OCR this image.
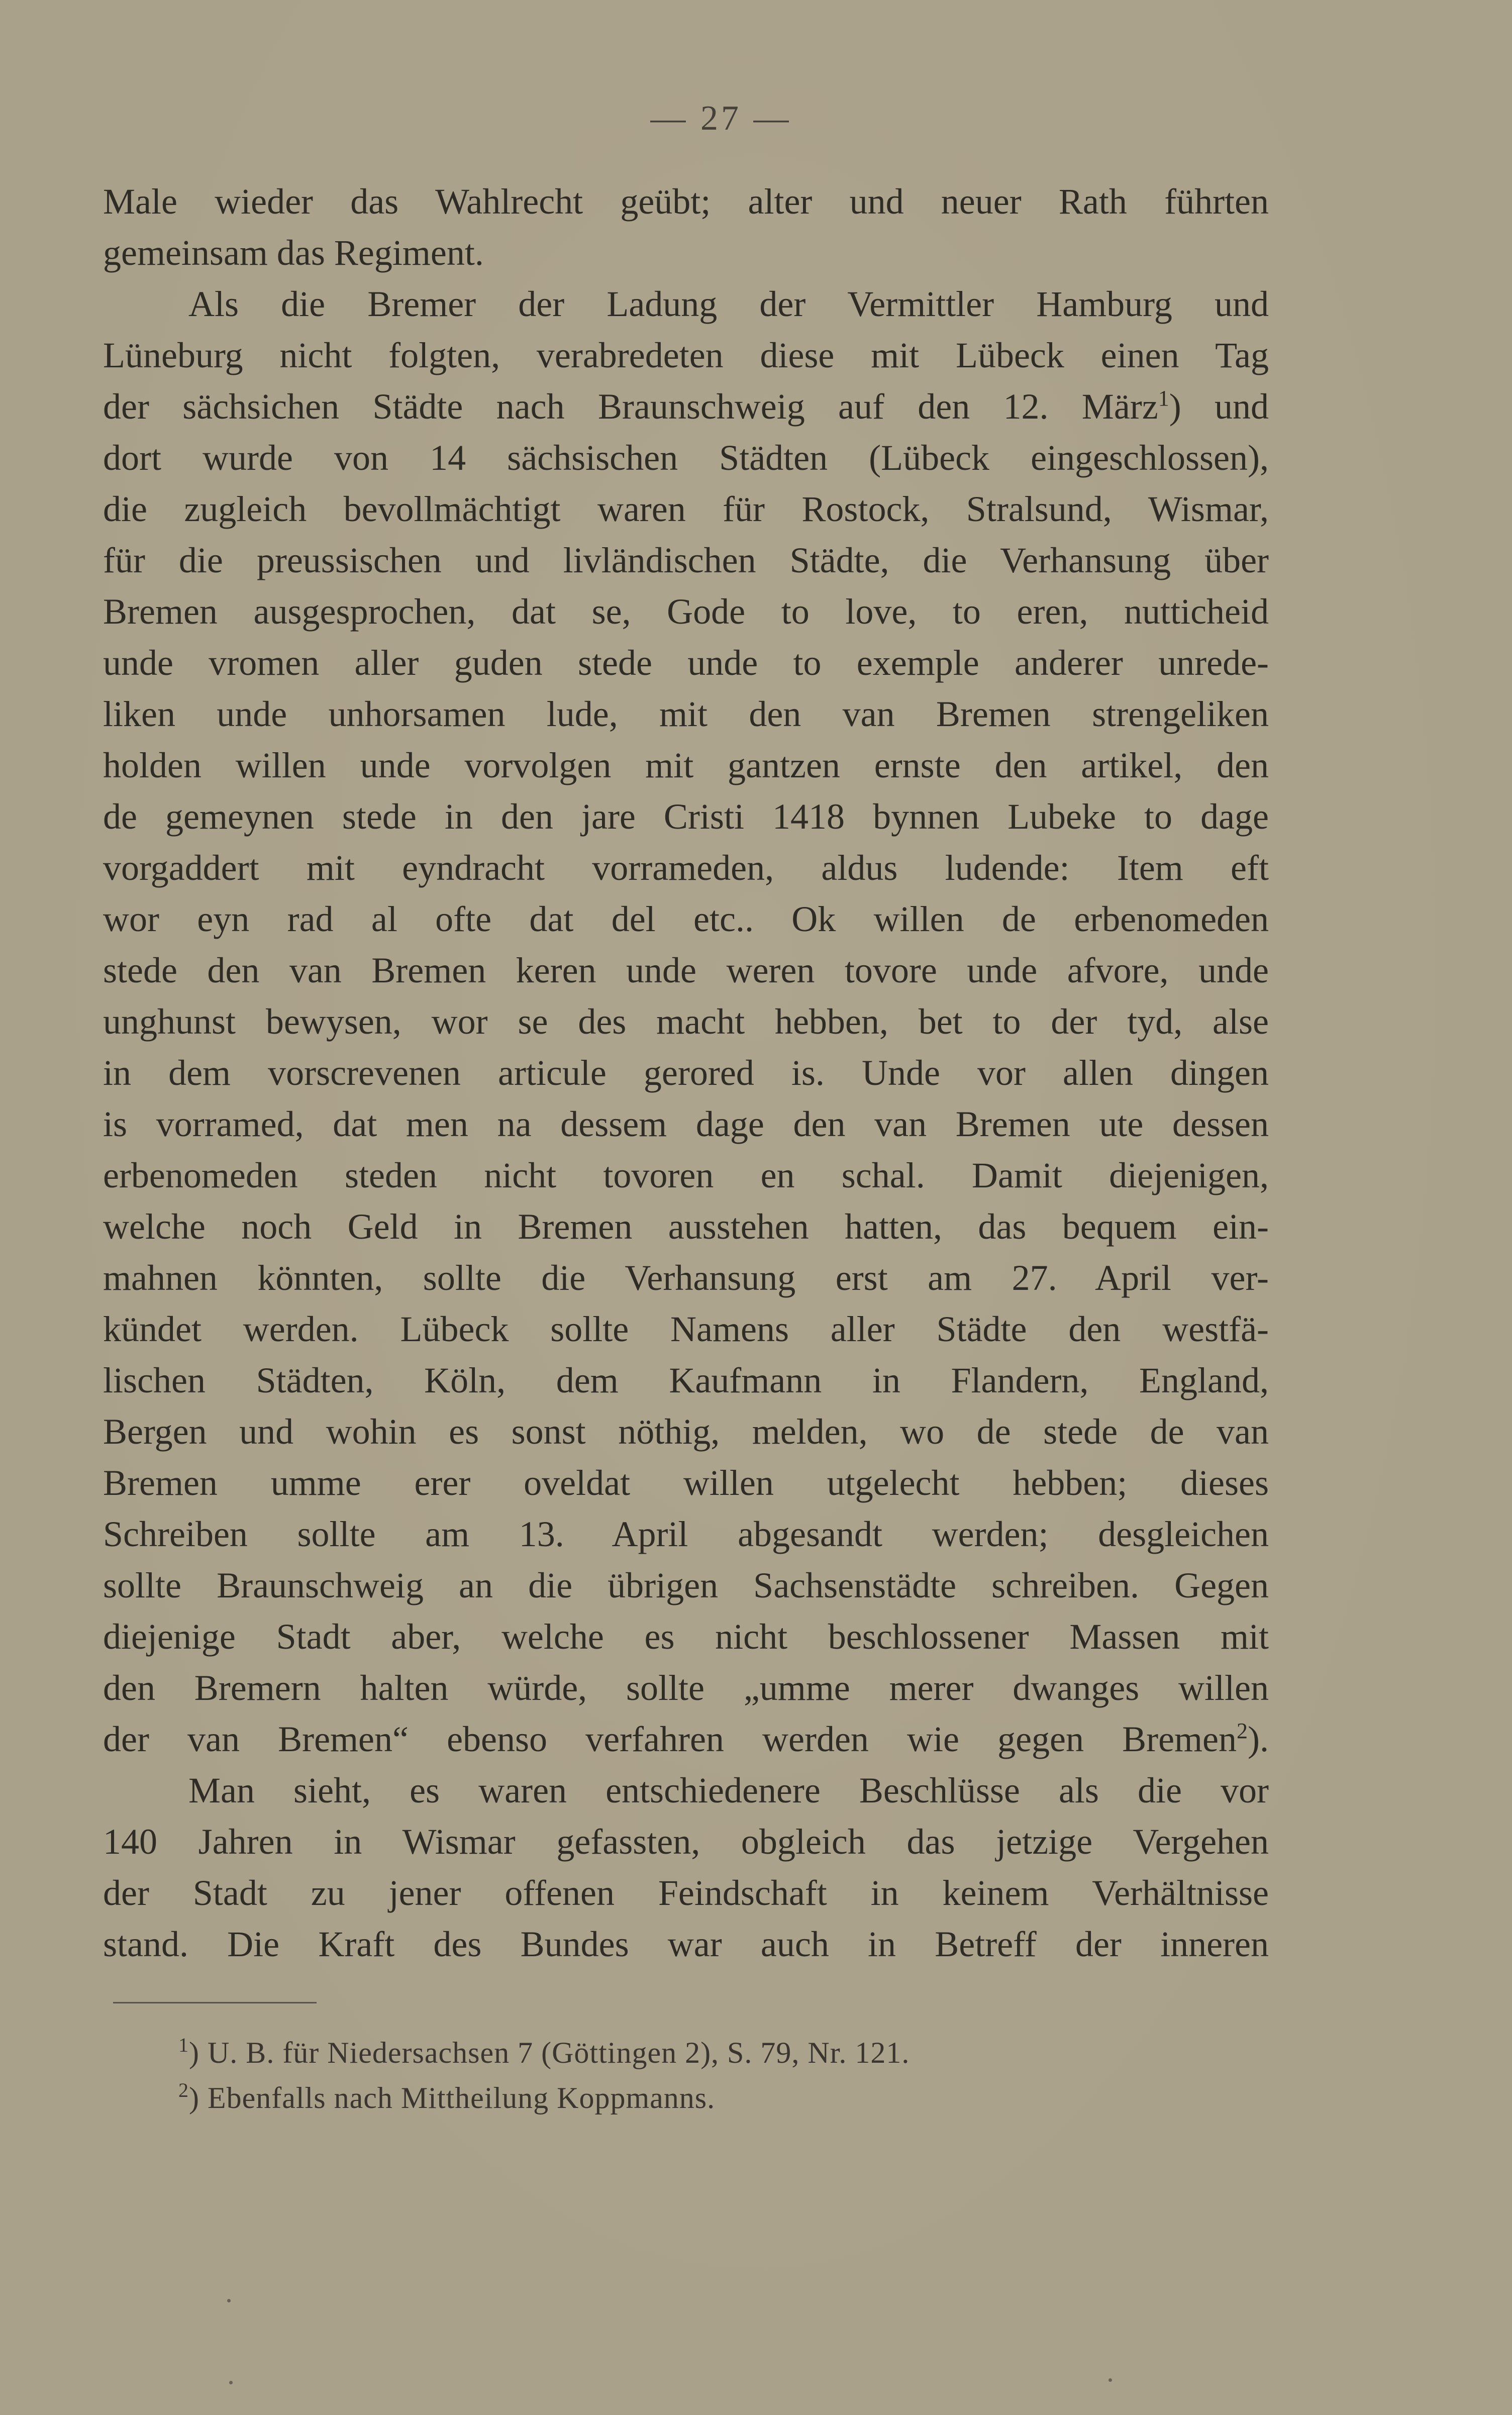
— 27 —
Male wieder das Wahlrecht geübt; alter und neuer Rath führten
gemeinsam das Regiment.
Als die Bremer der Ladung der Vermittler Hamburg und
Lüneburg nicht folgten, verabredeten diese mit Lübeck einen Tag
der sächsichen Städte nach Braunschweig auf den 12. März$^1$) und
dort wurde von 14 sächsischen Städten (Lübeck eingeschlossen),
die zugleich bevollmächtigt waren für Rostock, Stralsund, Wismar,
für die preussischen und livländischen Städte, die Verhansung über
Bremen ausgesprochen, dat se, Gode to love, to eren, nutticheid
unde vromen aller guden stede unde to exemple anderer unrede-
liken unde unhorsamen lude, mit den van Bremen strengeliken
holden willen unde vorvolgen mit gantzen ernste den artikel, den
de gemeynen stede in den jare Cristi 1418 bynnen Lubeke to dage
vorgaddert mit eyndracht vorrameden, aldus ludende: Item eft
wor eyn rad al ofte dat del etc.. Ok willen de erbenomeden
stede den van Bremen keren unde weren tovore unde afvore, unde
unghunst bewysen, wor se des macht hebben, bet to der tyd, alse
in dem vorscrevenen articule gerored is. Unde vor allen dingen
is vorramed, dat men na dessem dage den van Bremen ute dessen
erbenomeden steden nicht tovoren en schal. Damit diejenigen,
welche noch Geld in Bremen ausstehen hatten, das bequem ein-
mahnen könnten, sollte die Verhansung erst am 27. April ver-
kündet werden. Lübeck sollte Namens aller Städte den westfä-
lischen Städten, Köln, dem Kaufmann in Flandern, England,
Bergen und wohin es sonst nöthig, melden, wo de stede de van
Bremen umme erer oveldat willen utgelecht hebben; dieses
Schreiben sollte am 13. April abgesandt werden; desgleichen
sollte Braunschweig an die übrigen Sachsenstädte schreiben. Gegen
diejenige Stadt aber, welche es nicht beschlossener Massen mit
den Bremern halten würde, sollte „umme merer dwanges willen
der van Bremen“ ebenso verfahren werden wie gegen Bremen$^2$).
Man sieht, es waren entschiedenere Beschlüsse als die vor
140 Jahren in Wismar gefassten, obgleich das jetzige Vergehen
der Stadt zu jener offenen Feindschaft in keinem Verhältnisse
stand. Die Kraft des Bundes war auch in Betreff der inneren
$^1$) U. B. für Niedersachsen 7 (Göttingen 2), S. 79, Nr. 121.
$^2$) Ebenfalls nach Mittheilung Koppmanns.
